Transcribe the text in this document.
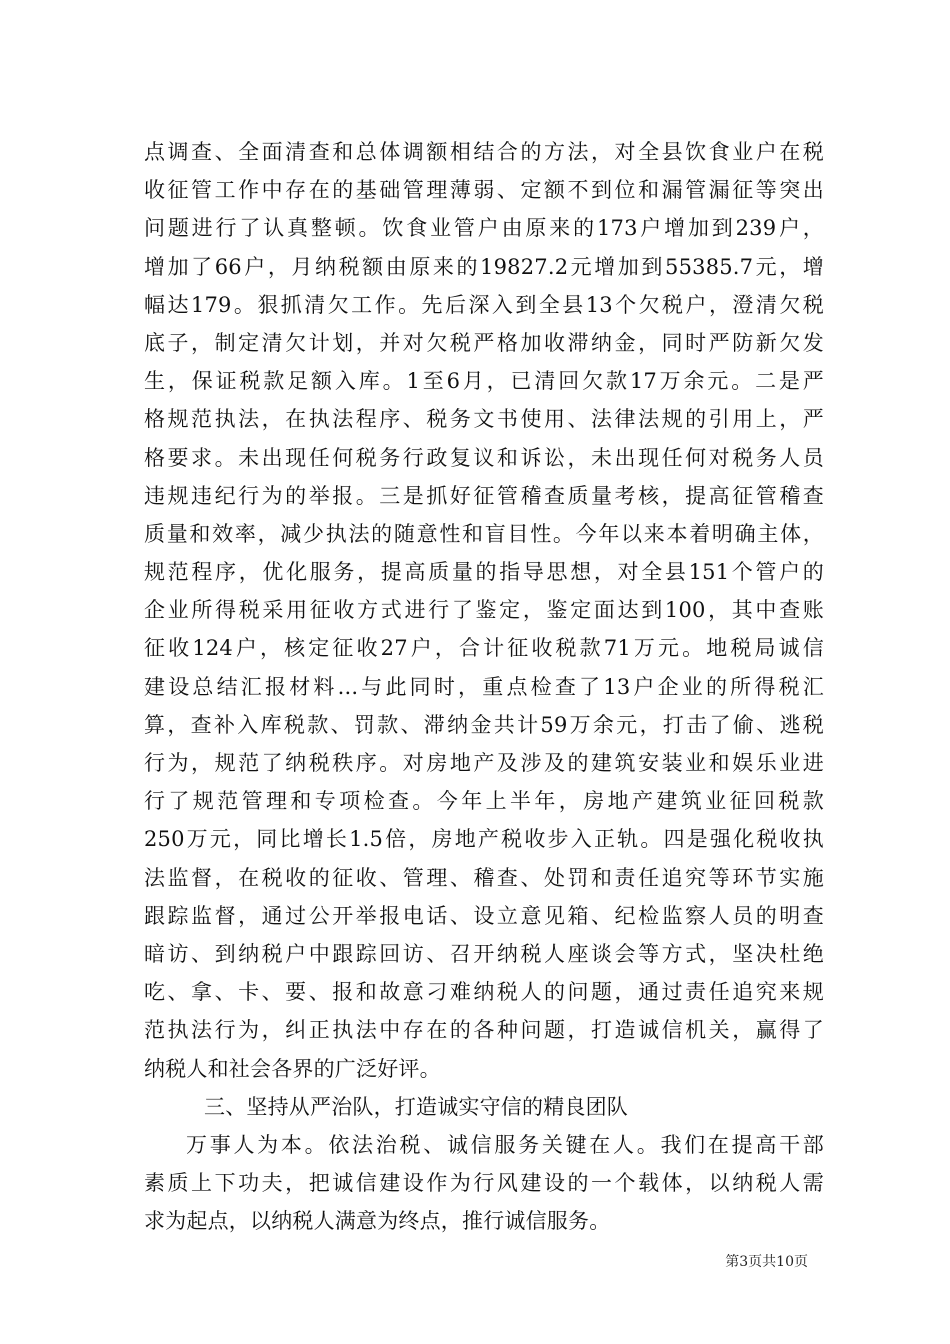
点调查、全面清查和总体调额相结合的方法，对全县饮食业户在税
收征管工作中存在的基础管理薄弱、定额不到位和漏管漏征等突出
问题进行了认真整顿。饮食业管户由原来的173户增加到239户，
增加了66户，月纳税额由原来的19827.2元增加到55385.7元，增
幅达179。狠抓清欠工作。先后深入到全县13个欠税户，澄清欠税
底子，制定清欠计划，并对欠税严格加收滞纳金，同时严防新欠发
生，保证税款足额入库。1至6月，已清回欠款17万余元。二是严
格规范执法，在执法程序、税务文书使用、法律法规的引用上，严
格要求。未出现任何税务行政复议和诉讼，未出现任何对税务人员
违规违纪行为的举报。三是抓好征管稽查质量考核，提高征管稽查
质量和效率，减少执法的随意性和盲目性。今年以来本着明确主体，
规范程序，优化服务，提高质量的指导思想，对全县151个管户的
企业所得税采用征收方式进行了鉴定，鉴定面达到100，其中查账
征收124户，核定征收27户，合计征收税款71万元。地税局诚信
建设总结汇报材料...与此同时，重点检查了13户企业的所得税汇
算，查补入库税款、罚款、滞纳金共计59万余元，打击了偷、逃税
行为，规范了纳税秩序。对房地产及涉及的建筑安装业和娱乐业进
行了规范管理和专项检查。今年上半年，房地产建筑业征回税款
250万元，同比增长1.5倍，房地产税收步入正轨。四是强化税收执
法监督，在税收的征收、管理、稽查、处罚和责任追究等环节实施
跟踪监督，通过公开举报电话、设立意见箱、纪检监察人员的明查
暗访、到纳税户中跟踪回访、召开纳税人座谈会等方式，坚决杜绝
吃、拿、卡、要、报和故意刁难纳税人的问题，通过责任追究来规
范执法行为，纠正执法中存在的各种问题，打造诚信机关，赢得了
纳税人和社会各界的广泛好评。
三、坚持从严治队，打造诚实守信的精良团队
万事人为本。依法治税、诚信服务关键在人。我们在提高干部
素质上下功夫，把诚信建设作为行风建设的一个载体，以纳税人需
求为起点，以纳税人满意为终点，推行诚信服务。
第3页共10页
